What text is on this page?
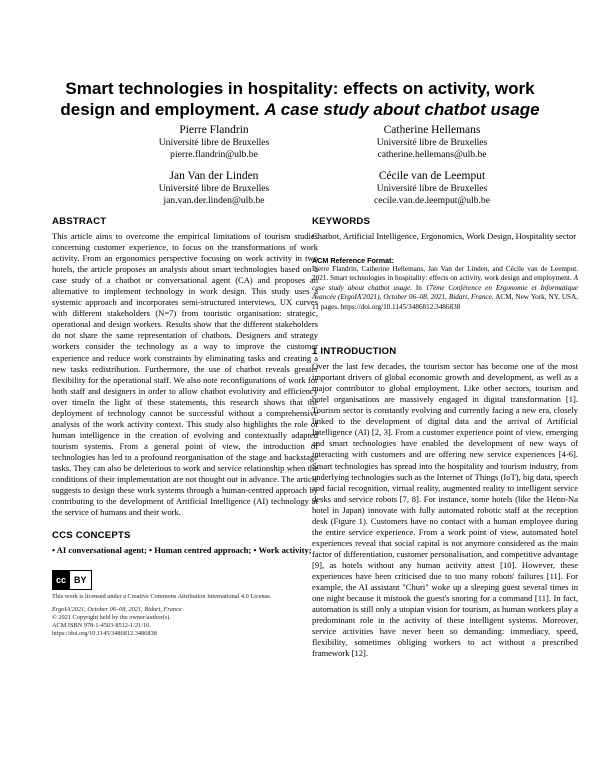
Smart technologies in hospitality: effects on activity, work design and employment. A case study about chatbot usage
Pierre Flandrin
Université libre de Bruxelles
pierre.flandrin@ulb.be
Catherine Hellemans
Université libre de Bruxelles
catherine.hellemans@ulb.be
Jan Van der Linden
Université libre de Bruxelles
jan.van.der.linden@ulb.be
Cécile van de Leemput
Université libre de Bruxelles
cecile.van.de.leemput@ulb.be
ABSTRACT

This article aims to overcome the empirical limitations of tourism studies concerning customer experience, to focus on the transformations of work activity. From an ergonomics perspective focusing on work activity in two hotels, the article proposes an analysis about smart technologies based on a case study of a chatbot or conversational agent (CA) and proposes an alternative to implement technology in work design. This study uses a systemic approach and incorporates semi-structured interviews, UX curves with different stakeholders (N=7) from touristic organisation: strategic, operational and design workers. Results show that the different stakeholders do not share the same representation of chatbots. Designers and strategy workers consider the technology as a way to improve the customer experience and reduce work constraints by eliminating tasks and creating a new tasks redistribution. Furthermore, the use of chatbot reveals greater flexibility for the operational staff. We also note reconfigurations of work for both staff and designers in order to allow chatbot evolutivity and efficiency over timeIn the light of these statements, this research shows that the deployment of technology cannot be successful without a comprehensive analysis of the work activity context. This study also highlights the role of human intelligence in the creation of evolving and contextually adapted tourism systems. From a general point of view, the introduction of technologies has led to a profound reorganisation of the stage and backstage tasks. They can also be deleterious to work and service relationship when the conditions of their implementation are not thought out in advance. The article suggests to design these work systems through a human-centred approach by contributing to the development of Artificial Intelligence (AI) technology at the service of humans and their work.

CCS CONCEPTS

• AI conversational agent; • Human centred approach; • Work activity;

cc BY

This work is licensed under a Creative Commons Attribution International 4.0 License.

ErgoIA'2021, October 06–08, 2021, Bidart, France

© 2021 Copyright held by the owner/author(s).

ACM ISBN 978-1-4503-8512-1/21/10.

https://doi.org/10.1145/3486812.3486838

KEYWORDS

Chatbot, Artificial Intelligence, Ergonomics, Work Design, Hospitality sector

ACM Reference Format:

Pierre Flandrin, Catherine Hellemans, Jan Van der Linden, and Cécile van de Leemput. 2021. Smart technologies in hospitality: effects on activity, work design and employment. A case study about chatbot usage. In 17ème Conférence en Ergonomie et Informatique Avancée (ErgoIA'2021), October 06–08, 2021, Bidart, France. ACM, New York, NY, USA, 11 pages. https://doi.org/10.1145/3486812.3486838

1 INTRODUCTION

Over the last few decades, the tourism sector has become one of the most important drivers of global economic growth and development, as well as a major contributor to global employment. Like other sectors, tourism and hotel organisations are massively engaged in digital transformation [1]. Tourism sector is constantly evolving and currently facing a new era, closely linked to the development of digital data and the arrival of Artificial Intelligence (AI) [2, 3]. From a customer experience point of view, emerging and smart technologies have enabled the development of new ways of interacting with customers and are offering new service experiences [4-6]. Smart technologies has spread into the hospitality and tourism industry, from underlying technologies such as the Internet of Things (IoT), big data, speech and facial recognition, virtual reality, augmented reality to intelligent service desks and service robots [7, 8]. For instance, some hotels (like the Henn-Na hotel in Japan) innovate with fully automated robotic staff at the reception desk (Figure 1). Customers have no contact with a human employee during the entire service experience. From a work point of view, automated hotel experiences reveal that social capital is not anymore considered as the main factor of differentiation, customer personalisation, and competitive advantage [9], as hotels without any human activity attest [10]. However, these experiences have been criticised due to too many robots' failures [11]. For example, the AI assistant "Churi" woke up a sleeping guest several times in one night because it mistook the guest's snoring for a command [11]. In fact, automation is still only a utopian vision for tourism, as human workers play a predominant role in the activity of these intelligent systems. Moreover, service activities have never been so demanding: immediacy, speed, flexibility, sometimes obliging workers to act without a prescribed framework [12].
